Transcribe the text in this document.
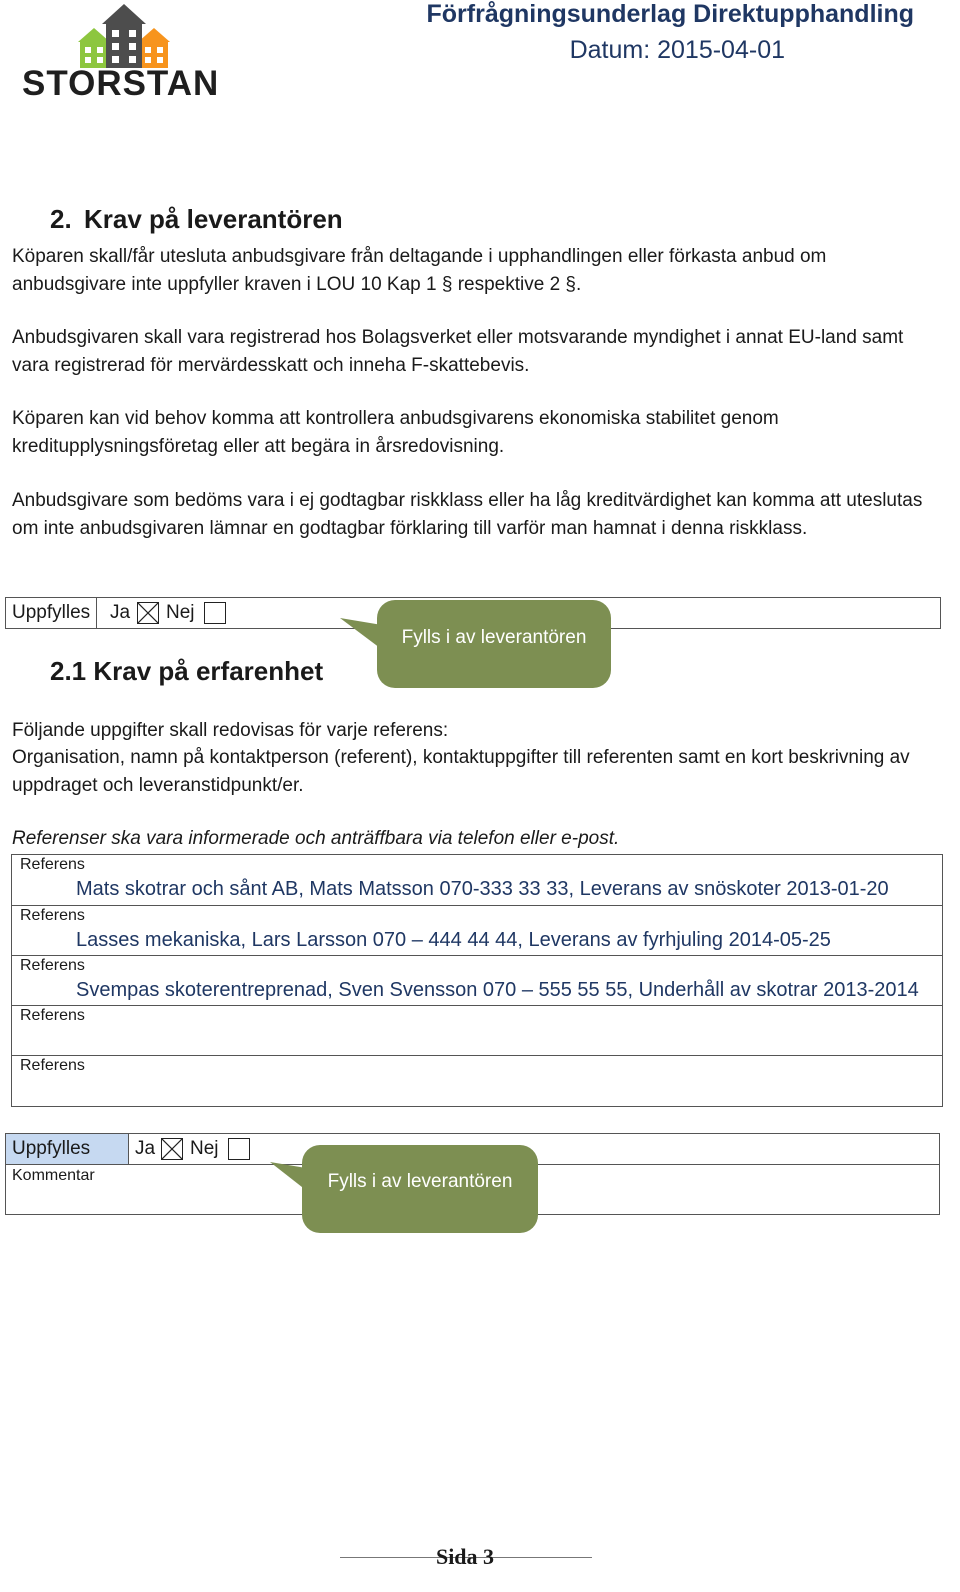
STORSTAN
Förfrågningsunderlag Direktupphandling
Datum: 2015-04-01
2. Krav på leverantören
Köparen skall/får utesluta anbudsgivare från deltagande i upphandlingen eller förkasta anbud om anbudsgivare inte uppfyller kraven i LOU 10 Kap 1 § respektive 2 §.
Anbudsgivaren skall vara registrerad hos Bolagsverket eller motsvarande myndighet i annat EU-land samt vara registrerad för mervärdesskatt och inneha F-skattebevis.
Köparen kan vid behov komma att kontrollera anbudsgivarens ekonomiska stabilitet genom kreditupplysningsföretag eller att begära in årsredovisning.
Anbudsgivare som bedöms vara i ej godtagbar riskklass eller ha låg kreditvärdighet kan komma att uteslutas om inte anbudsgivaren lämnar en godtagbar förklaring till varför man hamnat i denna riskklass.
Uppfylles	Ja Nej
Fylls i av leverantören
2.1 Krav på erfarenhet
Följande uppgifter skall redovisas för varje referens:
Organisation, namn på kontaktperson (referent), kontaktuppgifter till referenten samt en kort beskrivning av uppdraget och leveranstidpunkt/er.
Referenser ska vara informerade och anträffbara via telefon eller e-post.
Referens
Mats skotrar och sånt AB, Mats Matsson 070-333 33 33, Leverans av snöskoter 2013-01-20
Referens
Lasses mekaniska, Lars Larsson 070 – 444 44 44, Leverans av fyrhjuling 2014-05-25
Referens
Svempas skoterentreprenad, Sven Svensson 070 – 555 55 55, Underhåll av skotrar 2013-2014
Referens
Referens
Uppfylles	Ja Nej
Kommentar	Fylls i av leverantören
Sida 3
